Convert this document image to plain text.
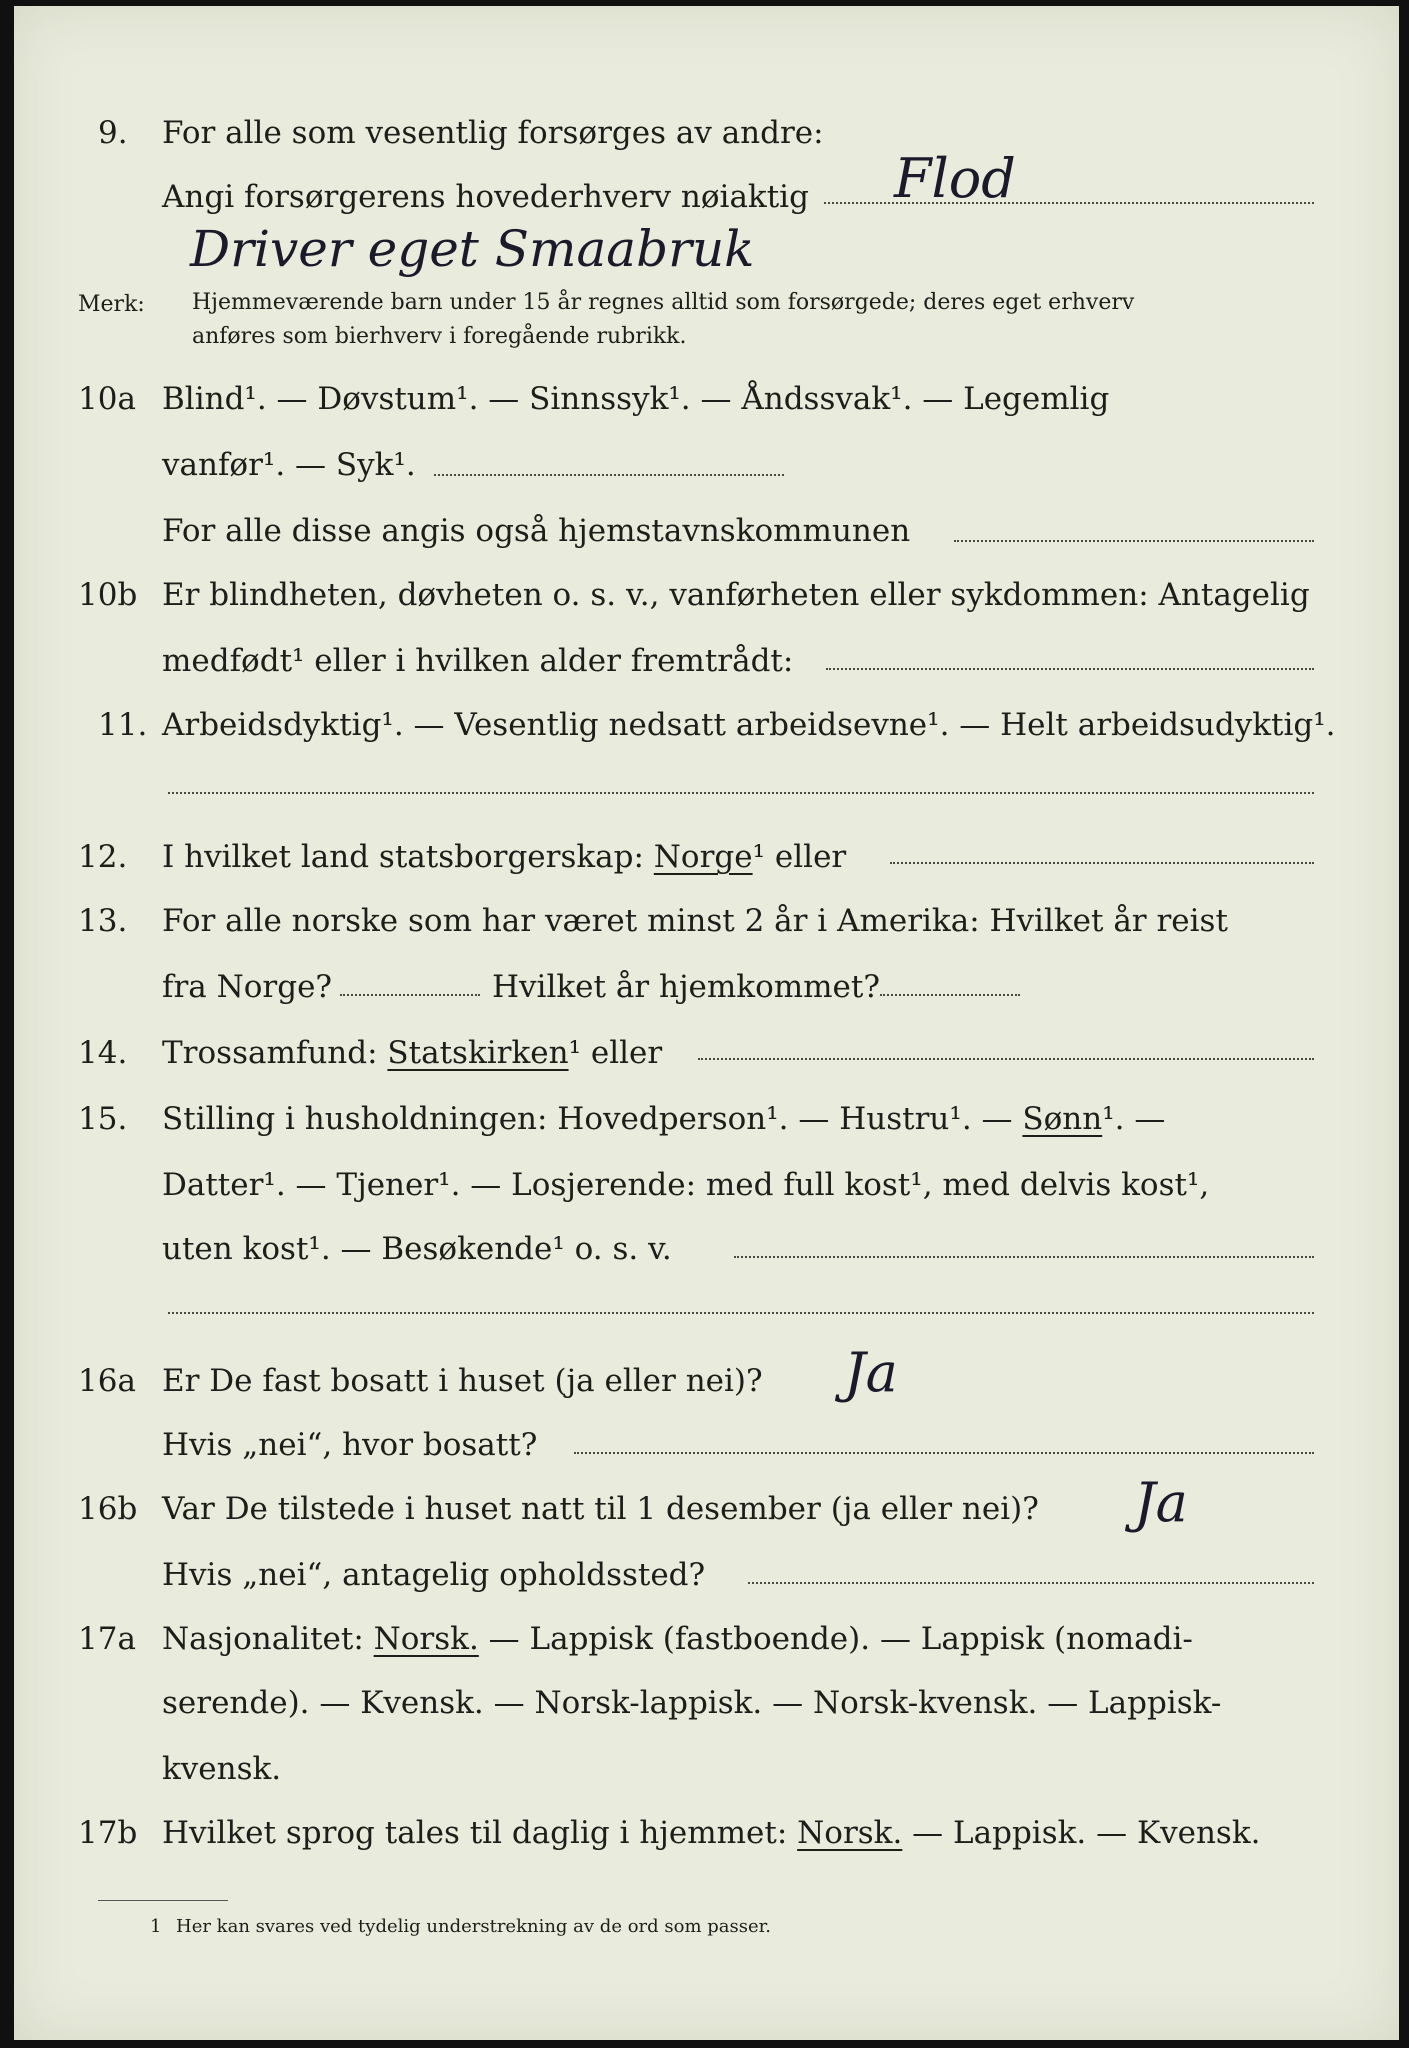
9. For alle som vesentlig forsørges av andre:
Angi forsørgerens hovederhverv nøiaktig Flod
Driver eget Smaabruk
Merk: Hjemmeværende barn under 15 år regnes alltid som forsørgede; deres eget erhverv
anføres som bierhverv i foregående rubrikk.
10a Blind¹. — Døvstum¹. — Sinnssyk¹. — Åndssvak¹. — Legemlig
vanfør¹. — Syk¹.
For alle disse angis også hjemstavnskommunen
10b Er blindheten, døvheten o. s. v., vanførheten eller sykdommen: Antagelig
medfødt¹ eller i hvilken alder fremtrådt:
11. Arbeidsdyktig¹. — Vesentlig nedsatt arbeidsevne¹. — Helt arbeidsudyktig¹.
12. I hvilket land statsborgerskap: Norge¹ eller
13. For alle norske som har været minst 2 år i Amerika: Hvilket år reist
fra Norge?	Hvilket år hjemkommet?
14. Trossamfund: Statskirken¹ eller
15. Stilling i husholdningen: Hovedperson¹. — Hustru¹. — Sønn¹. —
Datter¹. — Tjener¹. — Losjerende: med full kost¹, med delvis kost¹,
uten kost¹. — Besøkende¹ o. s. v.
16a Er De fast bosatt i huset (ja eller nei)? Ja
Hvis „nei“, hvor bosatt?
16b Var De tilstede i huset natt til 1 desember (ja eller nei)? Ja
Hvis „nei“, antagelig opholdssted?
17a Nasjonalitet: Norsk. — Lappisk (fastboende). — Lappisk (nomadi-
serende). — Kvensk. — Norsk-lappisk. — Norsk-kvensk. — Lappisk-
kvensk.
17b Hvilket sprog tales til daglig i hjemmet: Norsk. — Lappisk. — Kvensk.
1 Her kan svares ved tydelig understrekning av de ord som passer.
